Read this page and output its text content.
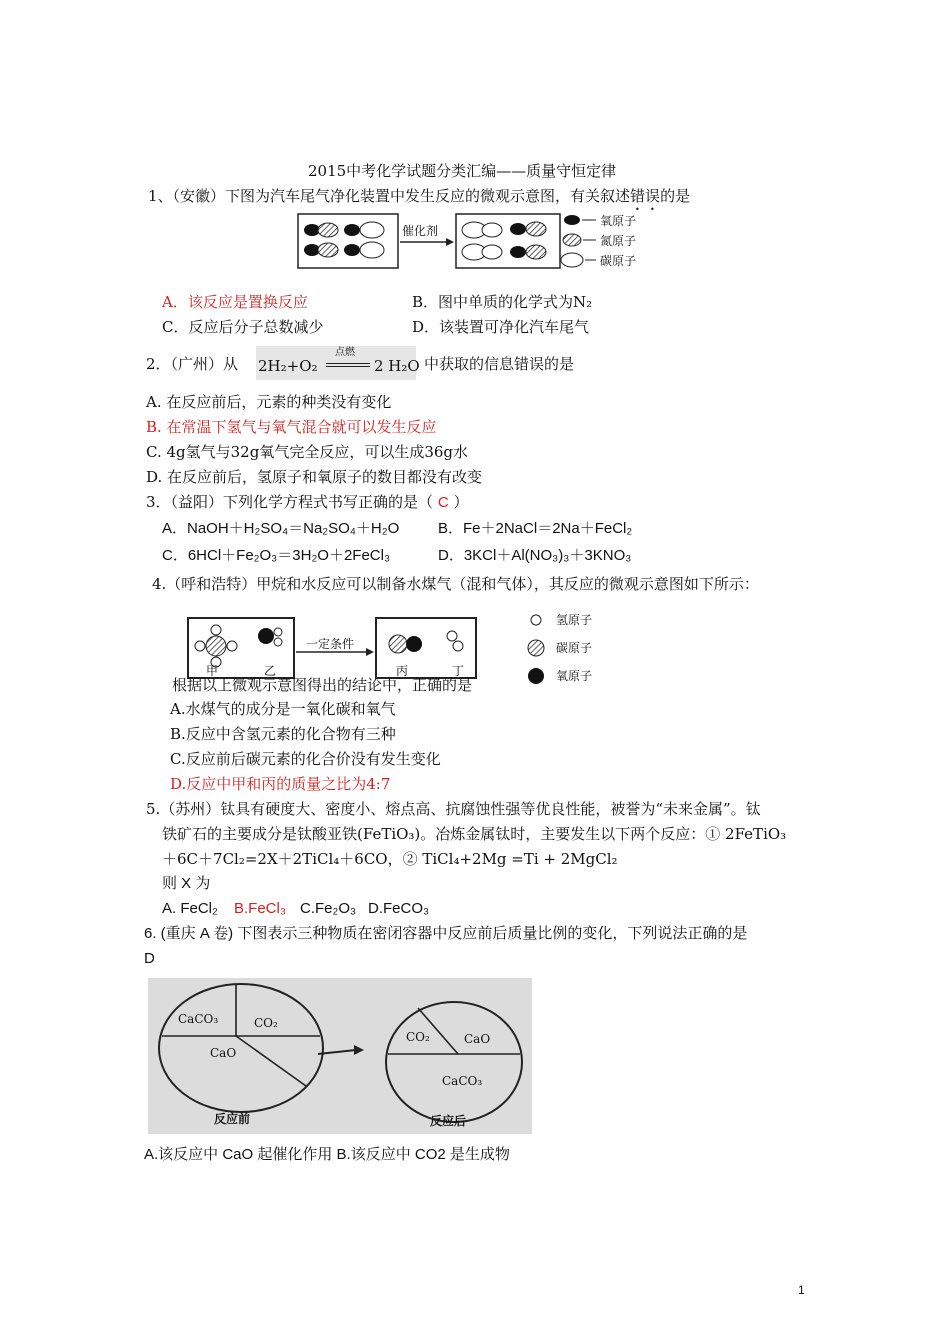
2015中考化学试题分类汇编——质量守恒定律
1、（安徽）下图为汽车尾气净化装置中发生反应的微观示意图，有关叙述错误的是
催化剂
氧原子
氮原子
碳原子
A．该反应是置换反应	B．图中单质的化学式为N₂
C．反应后分子总数减少	D．该装置可净化汽车尾气
2．（广州）从 2H₂+O₂
点燃
2 H₂O 中获取的信息错误的是
A. 在反应前后，元素的种类没有变化
B. 在常温下氢气与氧气混合就可以发生反应
C. 4g氢气与32g氧气完全反应，可以生成36g水
D. 在反应前后，氢原子和氧原子的数目都没有改变
3．（益阳）下列化学方程式书写正确的是（ C ）
A．NaOH＋H₂SO₄＝Na₂SO₄＋H₂O	B．Fe＋2NaCl＝2Na＋FeCl₂
C．6HCl＋Fe₂O₃＝3H₂O＋2FeCl₃	D．3KCl＋Al(NO₃)₃＋3KNO₃
4.（呼和浩特）甲烷和水反应可以制备水煤气（混和气体），其反应的微观示意图如下所示：
一定条件
甲	乙	丙	丁
氢原子
碳原子
氧原子
根据以上微观示意图得出的结论中，正确的是
A.水煤气的成分是一氧化碳和氧气
B.反应中含氢元素的化合物有三种
C.反应前后碳元素的化合价没有发生变化
D.反应中甲和丙的质量之比为4:7
5.（苏州）钛具有硬度大、密度小、熔点高、抗腐蚀性强等优良性能，被誉为“未来金属”。钛
铁矿石的主要成分是钛酸亚铁(FeTiO₃)。冶炼金属钛时，主要发生以下两个反应：① 2FeTiO₃
＋6C＋7Cl₂=2X＋2TiCl₄＋6CO，② TiCl₄+2Mg =Ti + 2MgCl₂
则 X 为
A. FeCl₂ B.FeCl₃ C.Fe₂O₃ D.FeCO₃
6. (重庆 A 卷) 下图表示三种物质在密闭容器中反应前后质量比例的变化，下列说法正确的是
D
CaCO₃	CO₂
CaO
反应前
CO₂	CaO
CaCO₃
反应后
A.该反应中 CaO 起催化作用 B.该反应中 CO2 是生成物
1
